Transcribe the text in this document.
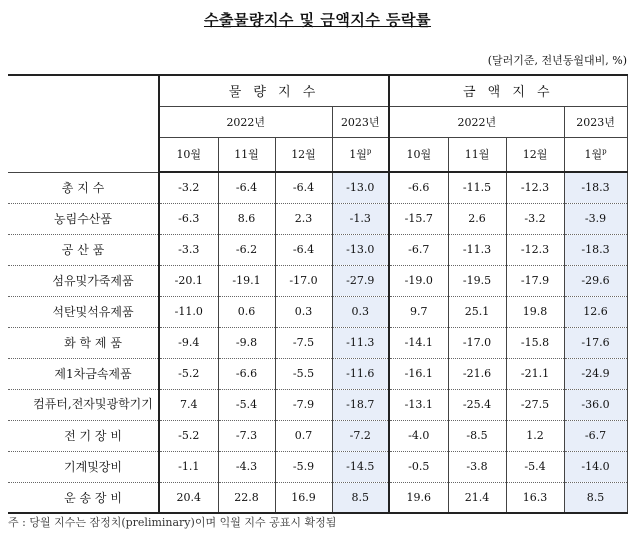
수출물량지수 및 금액지수 등락률
(달러기준, 전년동월대비, %)
	물 량 지 수				금 액 지 수			
	2022년			2023년	2022년			2023년
	10월	11월	12월	1월$^p$	10월	11월	12월	1월$^p$
총 지 수	-3.2	-6.4	-6.4	-13.0	-6.6	-11.5	-12.3	-18.3
농림수산품	-6.3	8.6	2.3	-1.3	-15.7	2.6	-3.2	-3.9
공 산 품	-3.3	-6.2	-6.4	-13.0	-6.7	-11.3	-12.3	-18.3
섬유및가죽제품	-20.1	-19.1	-17.0	-27.9	-19.0	-19.5	-17.9	-29.6
석탄및석유제품	-11.0	0.6	0.3	0.3	9.7	25.1	19.8	12.6
화 학 제 품	-9.4	-9.8	-7.5	-11.3	-14.1	-17.0	-15.8	-17.6
제1차금속제품	-5.2	-6.6	-5.5	-11.6	-16.1	-21.6	-21.1	-24.9
컴퓨터,전자및광학기기	7.4	-5.4	-7.9	-18.7	-13.1	-25.4	-27.5	-36.0
전 기 장 비	-5.2	-7.3	0.7	-7.2	-4.0	-8.5	1.2	-6.7
기계및장비	-1.1	-4.3	-5.9	-14.5	-0.5	-3.8	-5.4	-14.0
운 송 장 비	20.4	22.8	16.9	8.5	19.6	21.4	16.3	8.5
주 : 당월 지수는 잠정치(preliminary)이며 익월 지수 공표시 확정됨
